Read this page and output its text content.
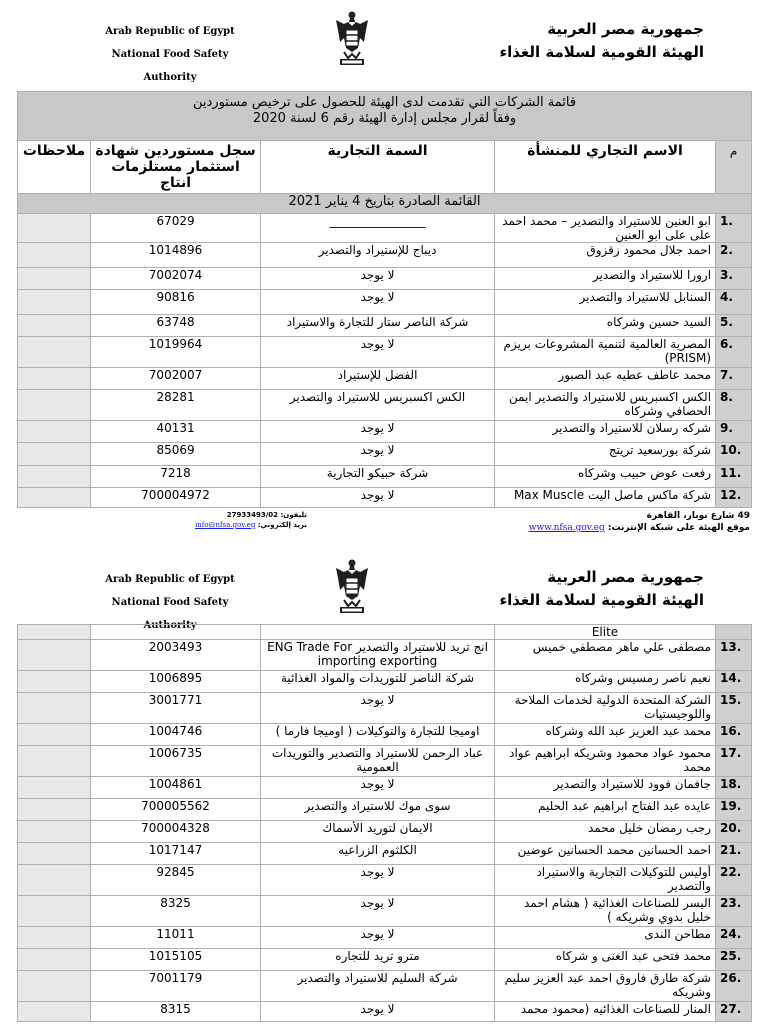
Arab Republic of Egypt
National Food Safety Authority
جمهورية مصر العربية
الهيئة القومية لسلامة الغذاء
قائمة الشركات التي تقدمت لدى الهيئة للحصول على ترخيص مستوردين
وفقاً لقرار مجلس إدارة الهيئة رقم 6 لسنة 2020				

م	الاسم التجاري للمنشأة	السمة التجارية	سجل مستوردين شهادة استثمار مستلزمات انتاج	ملاحظات
القائمة الصادرة بتاريخ 4 يناير 2021				
1.	ابو العنين للاستيراد والتصدير – محمد احمد على على ابو العنين	________________	67029	
2.	احمد جلال محمود زقزوق	ديباج للإستيراد والتصدير	1014896	
3.	ارورا للاستيراد والتصدير	لا يوجد	7002074	
4.	السنابل للاستيراد والتصدير	لا يوجد	90816	
5.	السيد حسين وشركاه	شركة الناصر ستار للتجارة والاستيراد	63748	
6.	المصرية العالمية لتنمية المشروعات بريزم (PRISM)	لا يوجد	1019964	
7.	محمد عاطف عطيه عبد الصبور	الفضل للإستيراد	7002007	
8.	الكس اكسبريس للاستيراد والتصدير ايمن الحصافي وشركاه	الكس اكسبريس للاستيراد والتصدير	28281	
9.	شركه رسلان للاستيراد والتصدير	لا يوجد	40131	
10.	شركة بورسعيد تريتج	لا يوجد	85069	
11.	رفعت عوض حبيب وشركاه	شركة حبيكو التجارية	7218	
12.	شركة ماكس ماصل اليت Max Muscle	لا يوجد	700004972	
49 شارع نوبار، القاهرة
موقع الهيئة على شبكة الإنترنت: www.nfsa.gov.eg
تليفون: 27933493/02
بريد إلكتروني: info@nfsa.gov.eg
Arab Republic of Egypt
National Food Safety Authority
جمهورية مصر العربية
الهيئة القومية لسلامة الغذاء
	Elite			
13.	مصطفى علي ماهر مصطفي خميس	انج تريد للاستيراد والتصدير ENG Trade For importing exporting	2003493	
14.	نعيم ناصر رمسيس وشركاه	شركة الناصر للتوريدات والمواد الغذائية	1006895	
15.	الشركة المتحدة الدولية لخدمات الملاحة واللوجيستيات	لا يوجد	3001771	
16.	محمد عبد العزيز عبد الله وشركاه	اوميجا للتجارة والتوكيلات ( اوميجا فارما )	1004746	
17.	محمود عواد محمود وشريكه ابراهيم عواد محمد	عباد الرحمن للاستيراد والتصدير والتوريدات العمومية	1006735	
18.	جافمان فوود للاستيراد والتصدير	لا يوجد	1004861	
19.	عايده عبد الفتاح ابراهيم عبد الحليم	سوى موك للاستيراد والتصدير	700005562	
20.	رجب رمضان خليل محمد	الايمان لتوريد الأسماك	700004328	
21.	احمد الحسانين محمد الحسانين عوضين	الكلثوم الزراعيه	1017147	
22.	أوليس للتوكيلات التجارية والاستيراد والتصدير	لا يوجد	92845	
23.	اليسر للصناعات الغذائية ( هشام احمد خليل بدوي وشريكه )	لا يوجد	8325	
24.	مطاحن الندى	لا يوجد	11011	
25.	محمد فتحى عبد الغنى و شركاه	مترو تريد للتجاره	1015105	
26.	شركة طارق فاروق احمد عبد العزيز سليم وشريكه	شركة السليم للاستيراد والتصدير	7001179	
27.	المنار للصناعات الغذائيه (محمود محمد	لا يوجد	8315	
